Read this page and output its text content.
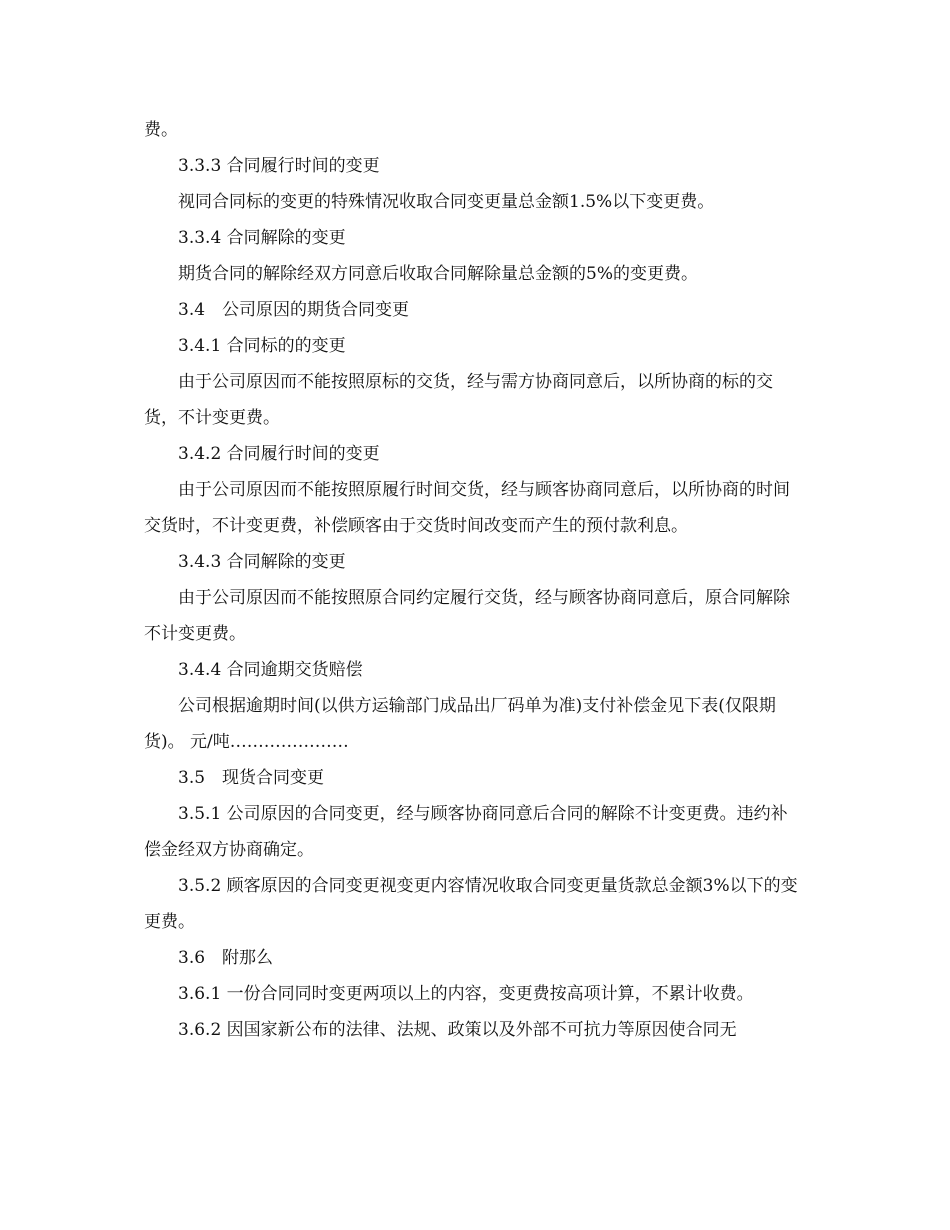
费。

3.3.3 合同履行时间的变更

视同合同标的变更的特殊情况收取合同变更量总金额1.5%以下变更费。

3.3.4 合同解除的变更

期货合同的解除经双方同意后收取合同解除量总金额的5%的变更费。

3.4　公司原因的期货合同变更

3.4.1 合同标的的变更

由于公司原因而不能按照原标的交货，经与需方协商同意后，以所协商的标的交货，不计变更费。

3.4.2 合同履行时间的变更

由于公司原因而不能按照原履行时间交货，经与顾客协商同意后，以所协商的时间交货时，不计变更费，补偿顾客由于交货时间改变而产生的预付款利息。

3.4.3 合同解除的变更

由于公司原因而不能按照原合同约定履行交货，经与顾客协商同意后，原合同解除不计变更费。

3.4.4 合同逾期交货赔偿

公司根据逾期时间(以供方运输部门成品出厂码单为准)支付补偿金见下表(仅限期货)。 元/吨…………………

3.5　现货合同变更

3.5.1 公司原因的合同变更，经与顾客协商同意后合同的解除不计变更费。违约补偿金经双方协商确定。

3.5.2 顾客原因的合同变更视变更内容情况收取合同变更量货款总金额3%以下的变更费。

3.6　附那么

3.6.1 一份合同同时变更两项以上的内容，变更费按高项计算，不累计收费。

3.6.2 因国家新公布的法律、法规、政策以及外部不可抗力等原因使合同无
